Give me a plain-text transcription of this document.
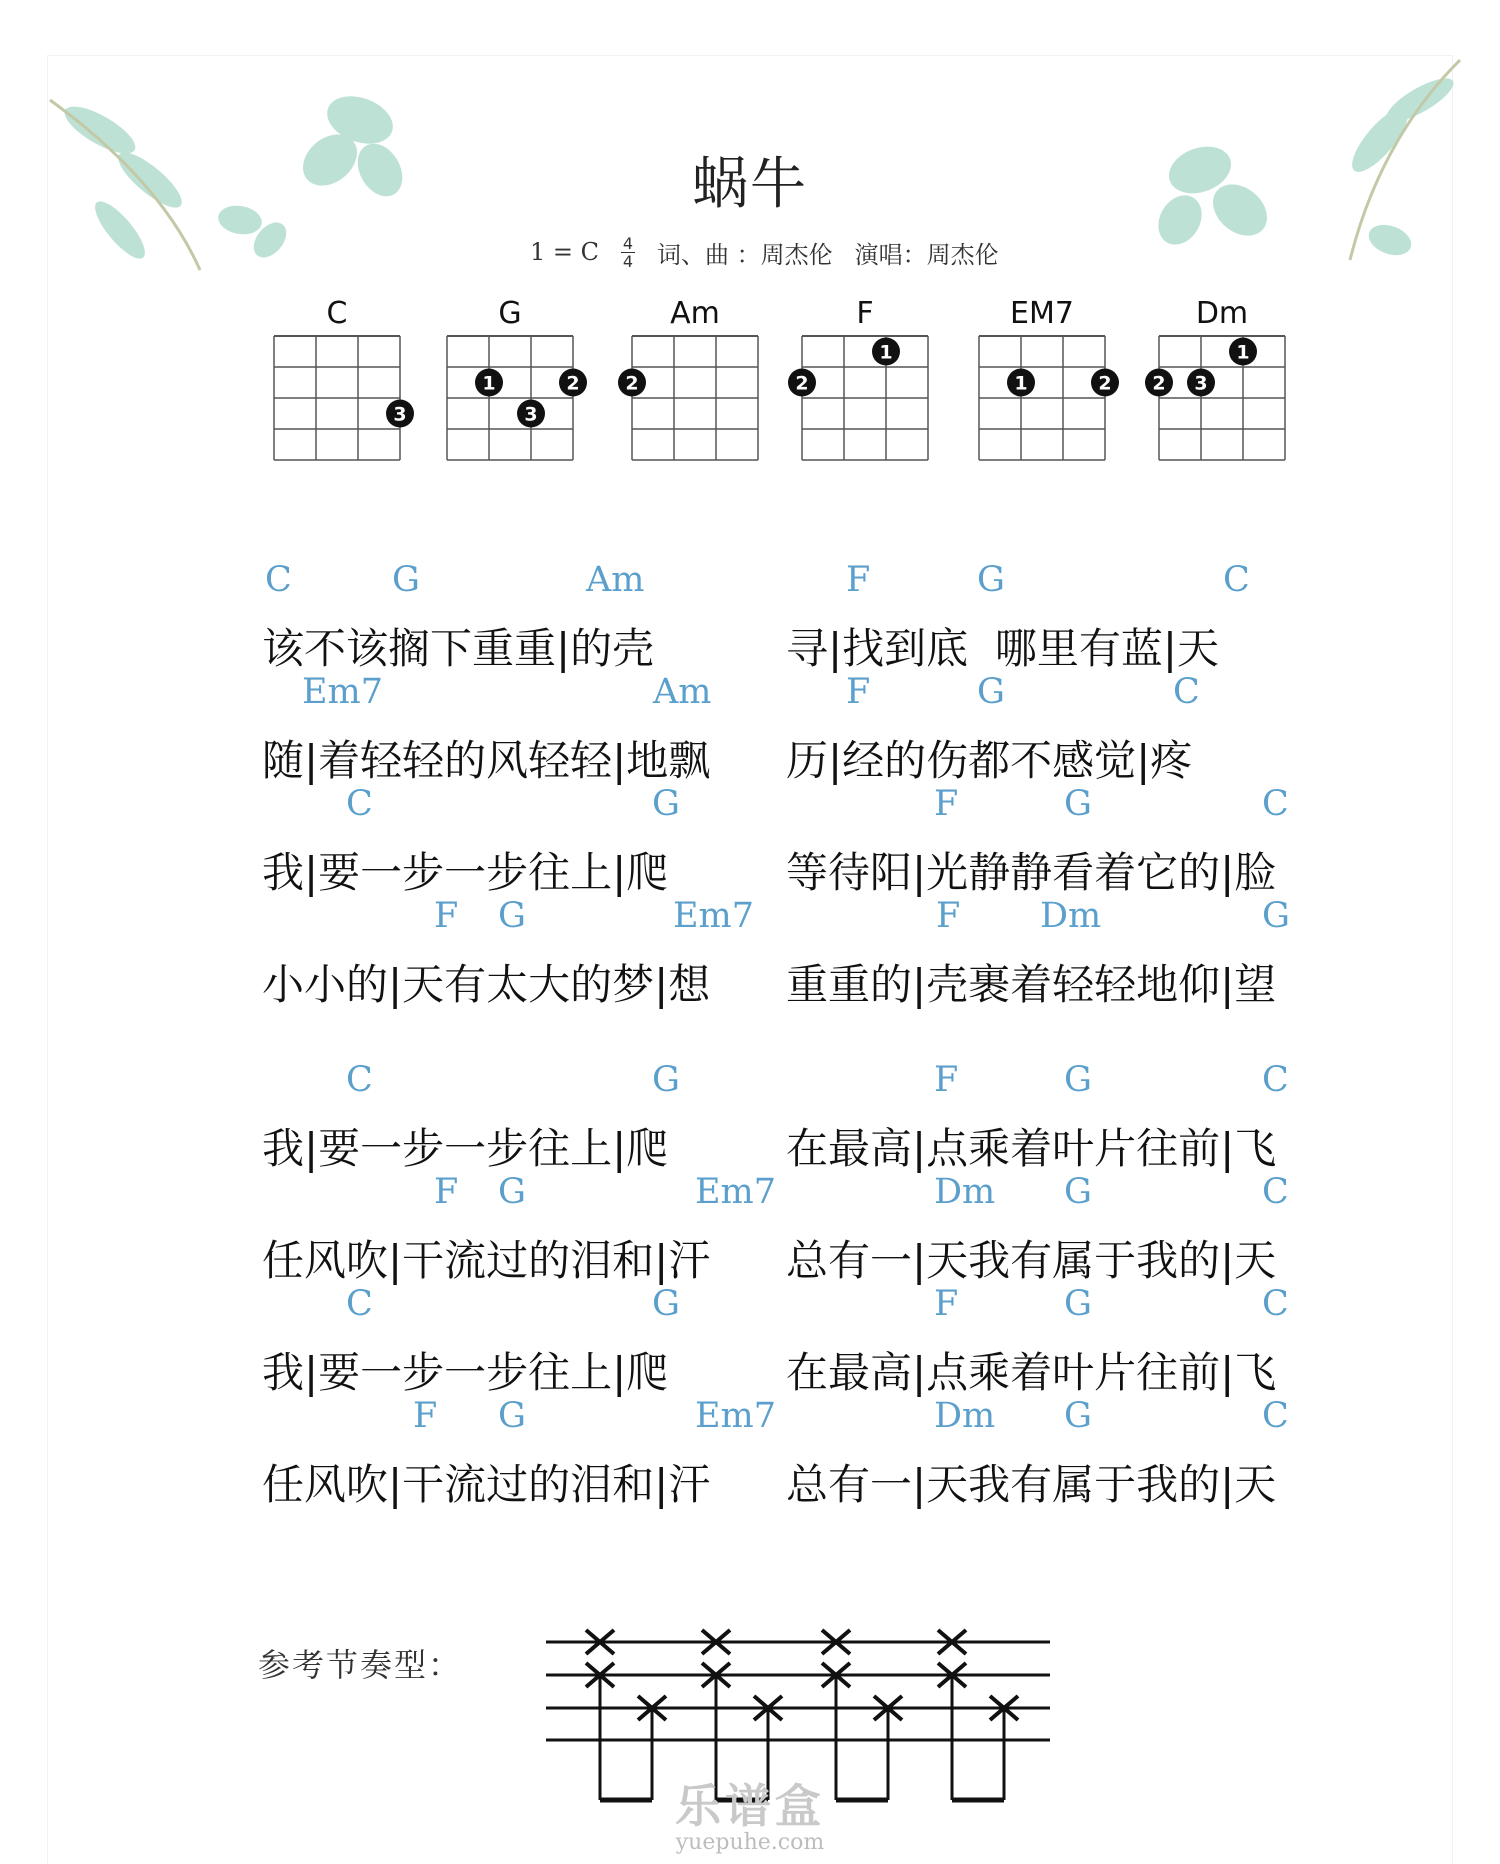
蜗牛
1 = C $\frac{4}{4}$ 词、曲 ：周杰伦 演唱：周杰伦
C
3
G
1	2
3
Am
2
F
2
1
EM7
1	2
Dm
2 3
1
C	G	Am	F	G	C
该不该搁下重重|的壳	寻|找到底  哪里有蓝|天
Em7	Am	F	G	C
随|着轻轻的风轻轻|地飘 历|经的伤都不感觉|疼
C	G	F	G	C
我|要一步一步往上|爬	等待阳|光静静看着它的|脸
F G	Em7	F Dm	G
小小的|天有太大的梦|想 重重的|壳裹着轻轻地仰|望
C	G	F	G	C
我|要一步一步往上|爬	在最高|点乘着叶片往前|飞
F G	Em7	Dm G	C
任风吹|干流过的泪和|汗 总有一|天我有属于我的|天
C	G	F	G	C
我|要一步一步往上|爬	在最高|点乘着叶片往前|飞
F G	Em7	Dm G	C
任风吹|干流过的泪和|汗 总有一|天我有属于我的|天
参考节奏型：
乐谱盒
yuepuhe.com
